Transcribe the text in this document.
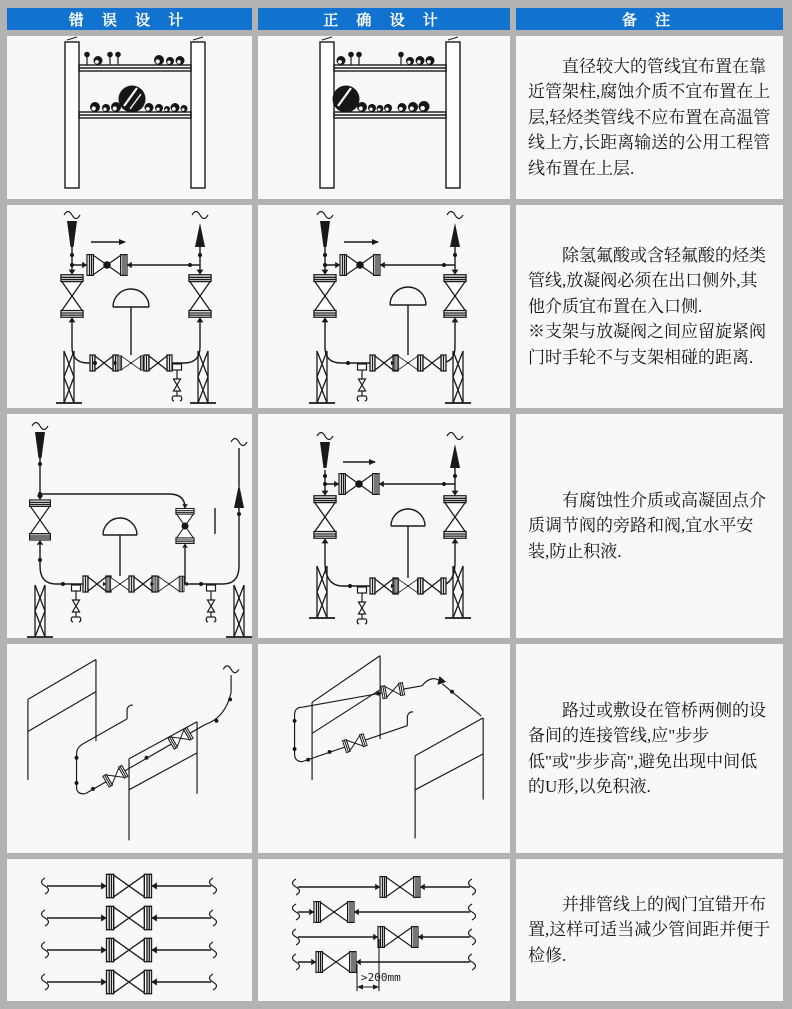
错 误 设 计	正 确 设 计	备 注

直径较大的管线宜布置在靠近管架柱,腐蚀介质不宜布置在上层,轻烃类管线不应布置在高温管线上方,长距离输送的公用工程管线布置在上层.

除氢氟酸或含轻氟酸的烃类管线,放凝阀必须在出口侧外,其他介质宜布置在入口侧.

※支架与放凝阀之间应留旋紧阀门时手轮不与支架相碰的距离.

有腐蚀性介质或高凝固点介质调节阀的旁路和阀,宜水平安装,防止积液.

路过或敷设在管桥两侧的设备间的连接管线,应"步步低"或"步步高",避免出现中间低的U形,以免积液.

>200mm

并排管线上的阀门宜错开布置,这样可适当减少管间距并便于检修.
